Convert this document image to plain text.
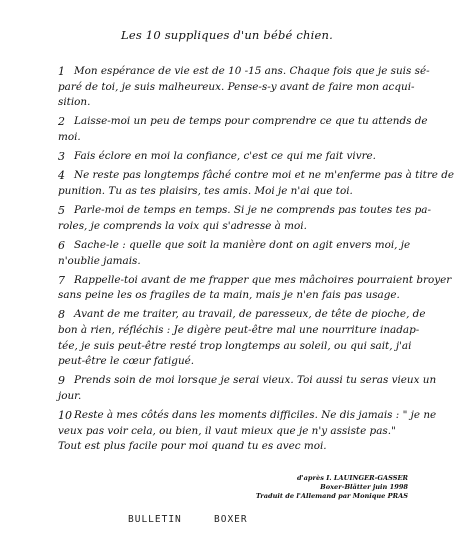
Les 10 suppliques d'un bébé chien.
1 Mon espérance de vie est de 10 -15 ans. Chaque fois que je suis sé-
paré de toi, je suis malheureux. Pense-s-y avant de faire mon acqui-
sition.
2 Laisse-moi un peu de temps pour comprendre ce que tu attends de
moi.
3 Fais éclore en moi la confiance, c'est ce qui me fait vivre.
4 Ne reste pas longtemps fâché contre moi et ne m'enferme pas à titre de
punition. Tu as tes plaisirs, tes amis. Moi je n'ai que toi.
5 Parle-moi de temps en temps. Si je ne comprends pas toutes tes pa-
roles, je comprends la voix qui s'adresse à moi.
6 Sache-le : quelle que soit la manière dont on agit envers moi, je
n'oublie jamais.
7 Rappelle-toi avant de me frapper que mes mâchoires pourraient broyer
sans peine les os fragiles de ta main, mais je n'en fais pas usage.
8 Avant de me traiter, au travail, de paresseux, de tête de pioche, de
bon à rien, réfléchis : Je digère peut-être mal une nourriture inadap-
tée, je suis peut-être resté trop longtemps au soleil, ou qui sait, j'ai
peut-être le cœur fatigué.
9 Prends soin de moi lorsque je serai vieux. Toi aussi tu seras vieux un
jour.
10 Reste à mes côtés dans les moments difficiles. Ne dis jamais : " je ne
veux pas voir cela, ou bien, il vaut mieux que je n'y assiste pas."
Tout est plus facile pour moi quand tu es avec moi.
d'après I. LAUINGER-GASSER
Boxer-Blätter juin 1998
Traduit de l'Allemand par Monique PRAS
BULLETIN	BOXER
